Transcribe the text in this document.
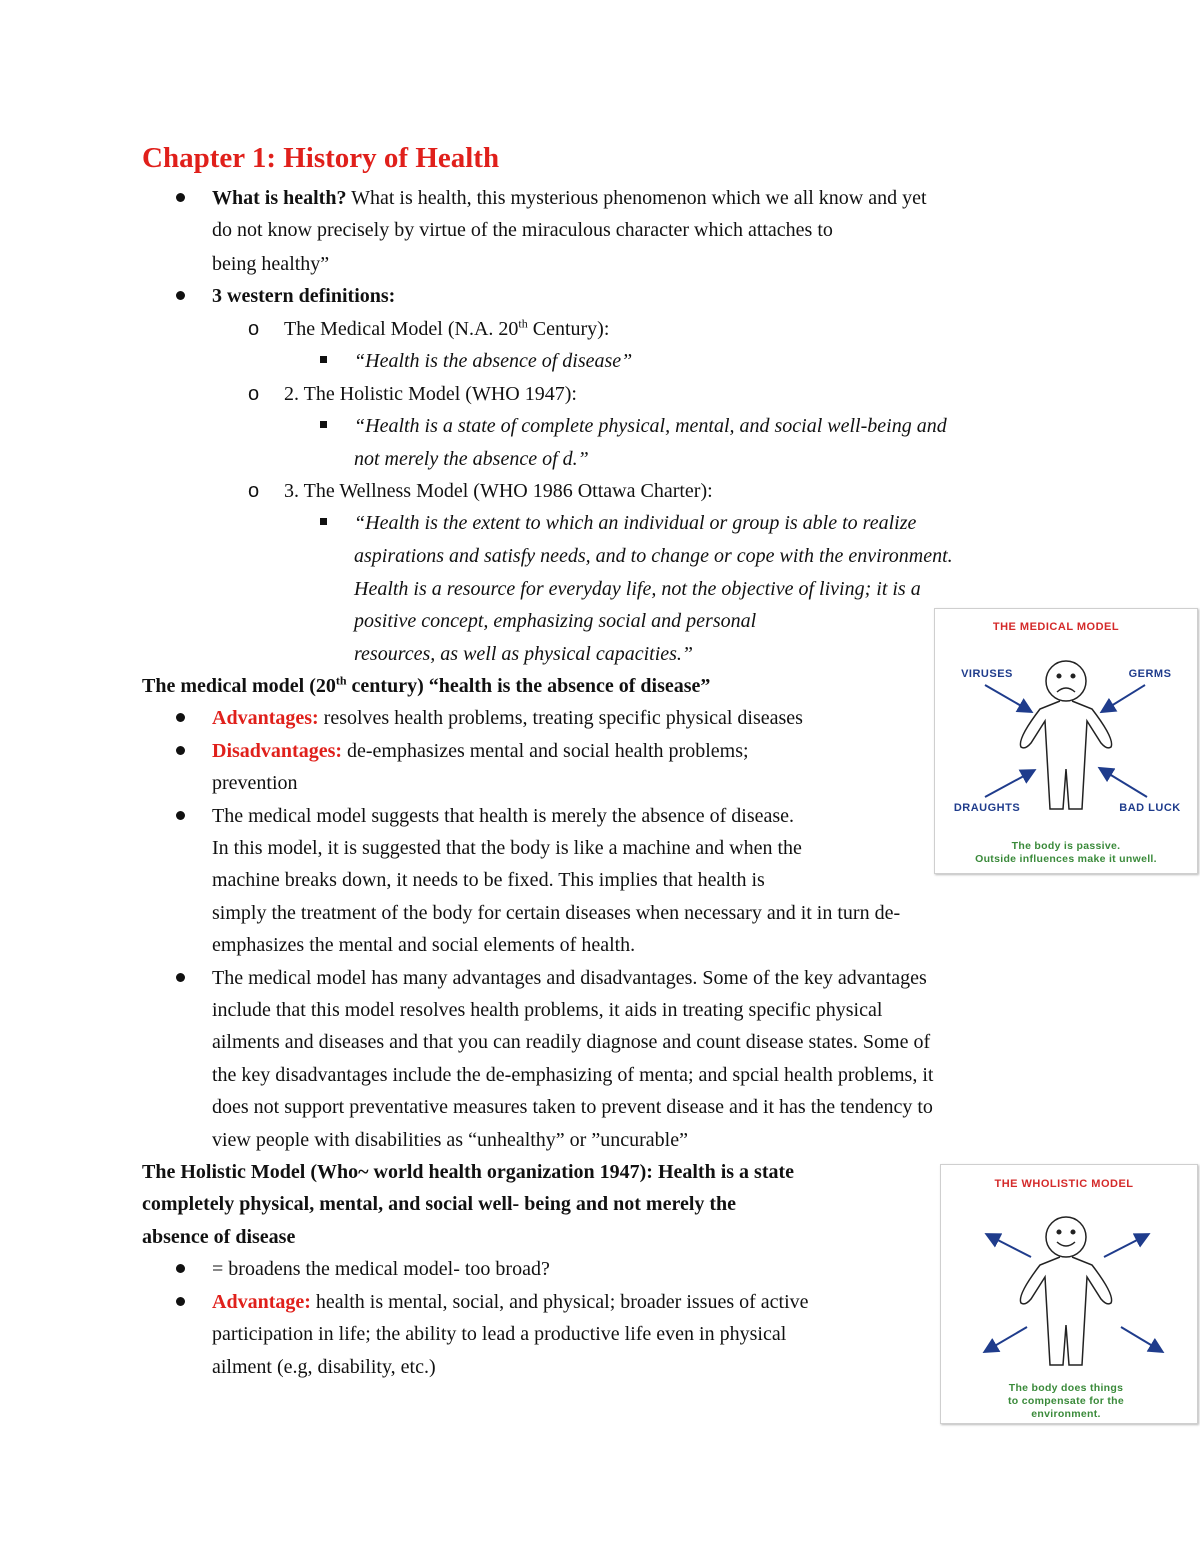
Chapter 1: History of Health
What is health? What is health, this mysterious phenomenon which we all know and yet
do not know precisely by virtue of the miraculous character which attaches to
being healthy”
3 western definitions:
o The Medical Model (N.A. 20th Century):
“Health is the absence of disease”
o 2. The Holistic Model (WHO 1947):
“Health is a state of complete physical, mental, and social well-being and
not merely the absence of d.”
o 3. The Wellness Model (WHO 1986 Ottawa Charter):
“Health is the extent to which an individual or group is able to realize
aspirations and satisfy needs, and to change or cope with the environment.
Health is a resource for everyday life, not the objective of living; it is a
positive concept, emphasizing social and personal
resources, as well as physical capacities.”
The medical model (20th century) “health is the absence of disease”
Advantages: resolves health problems, treating specific physical diseases
Disadvantages: de-emphasizes mental and social health problems;
prevention
The medical model suggests that health is merely the absence of disease.
In this model, it is suggested that the body is like a machine and when the
machine breaks down, it needs to be fixed. This implies that health is
simply the treatment of the body for certain diseases when necessary and it in turn de-
emphasizes the mental and social elements of health.
The medical model has many advantages and disadvantages. Some of the key advantages
include that this model resolves health problems, it aids in treating specific physical
ailments and diseases and that you can readily diagnose and count disease states. Some of
the key disadvantages include the de-emphasizing of menta; and spcial health problems, it
does not support preventative measures taken to prevent disease and it has the tendency to
view people with disabilities as “unhealthy” or ”uncurable”
The Holistic Model (Who~ world health organization 1947): Health is a state
completely physical, mental, and social well- being and not merely the
absence of disease
= broadens the medical model- too broad?
Advantage: health is mental, social, and physical; broader issues of active
participation in life; the ability to lead a productive life even in physical
ailment (e.g, disability, etc.)
THE MEDICAL MODEL
VIRUSES	GERMS
DRAUGHTS	BAD LUCK
The body is passive.
Outside influences make it unwell.
THE WHOLISTIC MODEL
The body does things
to compensate for the
environment.
